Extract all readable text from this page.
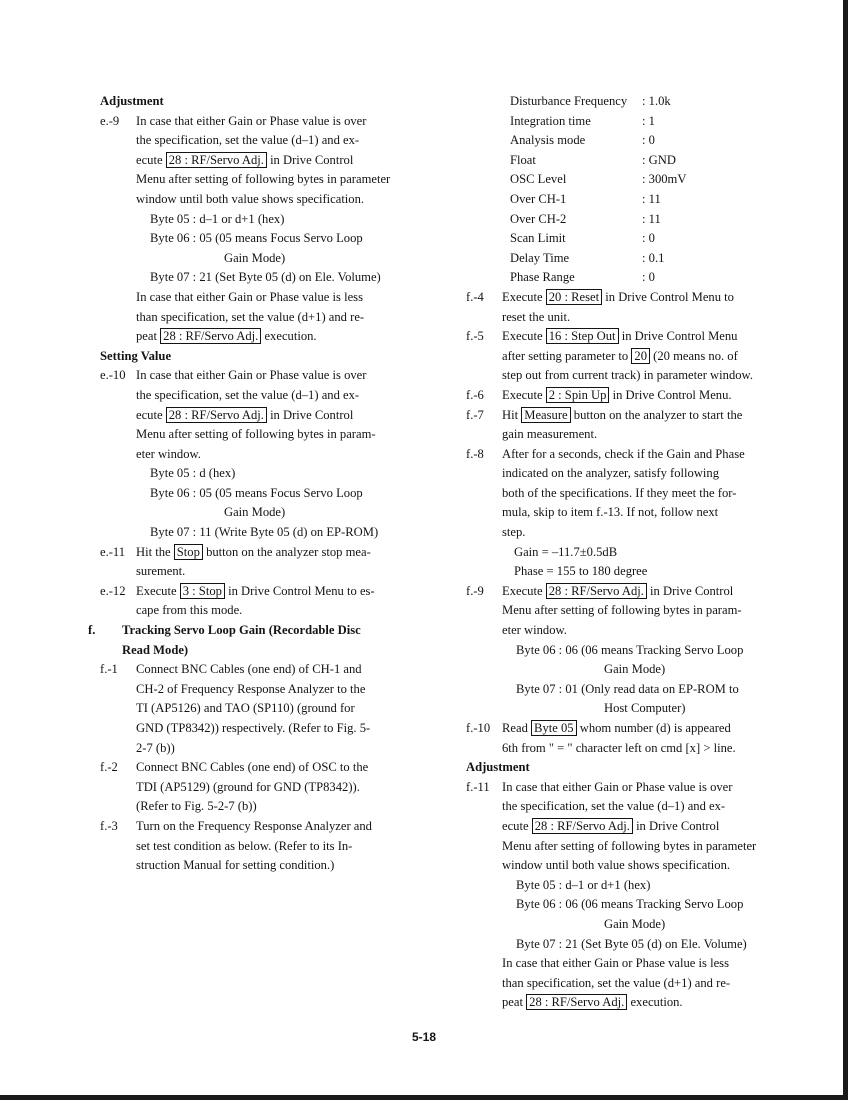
Adjustment
e.-9 In case that either Gain or Phase value is over
the specification, set the value (d–1) and ex-
ecute 28 : RF/Servo Adj. in Drive Control
Menu after setting of following bytes in parameter
window until both value shows specification.
Byte 05 : d–1 or d+1 (hex)
Byte 06 : 05 (05 means Focus Servo Loop
Gain Mode)
Byte 07 : 21 (Set Byte 05 (d) on Ele. Volume)
In case that either Gain or Phase value is less
than specification, set the value (d+1) and re-
peat 28 : RF/Servo Adj. execution.
Setting Value
e.-10 In case that either Gain or Phase value is over
the specification, set the value (d–1) and ex-
ecute 28 : RF/Servo Adj. in Drive Control
Menu after setting of following bytes in param-
eter window.
Byte 05 : d (hex)
Byte 06 : 05 (05 means Focus Servo Loop
Gain Mode)
Byte 07 : 11 (Write Byte 05 (d) on EP-ROM)
e.-11 Hit the Stop button on the analyzer stop mea-
surement.
e.-12 Execute 3 : Stop in Drive Control Menu to es-
cape from this mode.
f. Tracking Servo Loop Gain (Recordable Disc
Read Mode)
f.-1 Connect BNC Cables (one end) of CH-1 and
CH-2 of Frequency Response Analyzer to the
TI (AP5126) and TAO (SP110) (ground for
GND (TP8342)) respectively. (Refer to Fig. 5-
2-7 (b))
f.-2 Connect BNC Cables (one end) of OSC to the
TDI (AP5129) (ground for GND (TP8342)).
(Refer to Fig. 5-2-7 (b))
f.-3 Turn on the Frequency Response Analyzer and
set test condition as below. (Refer to its In-
struction Manual for setting condition.)
Disturbance Frequency	: 1.0k
Integration time	: 1
Analysis mode	: 0
Float	: GND
OSC Level	: 300mV
Over CH-1	: 11
Over CH-2	: 11
Scan Limit	: 0
Delay Time	: 0.1
Phase Range	: 0
f.-4 Execute 20 : Reset in Drive Control Menu to
reset the unit.
f.-5 Execute 16 : Step Out in Drive Control Menu
after setting parameter to 20 (20 means no. of
step out from current track) in parameter window.
f.-6 Execute 2 : Spin Up in Drive Control Menu.
f.-7 Hit Measure button on the analyzer to start the
gain measurement.
f.-8 After for a seconds, check if the Gain and Phase
indicated on the analyzer, satisfy following
both of the specifications. If they meet the for-
mula, skip to item f.-13. If not, follow next
step.
Gain = –11.7±0.5dB
Phase = 155 to 180 degree
f.-9 Execute 28 : RF/Servo Adj. in Drive Control
Menu after setting of following bytes in param-
eter window.
Byte 06 : 06 (06 means Tracking Servo Loop
Gain Mode)
Byte 07 : 01 (Only read data on EP-ROM to
Host Computer)
f.-10 Read Byte 05 whom number (d) is appeared
6th from " = " character left on cmd [x] > line.
Adjustment
f.-11 In case that either Gain or Phase value is over
the specification, set the value (d–1) and ex-
ecute 28 : RF/Servo Adj. in Drive Control
Menu after setting of following bytes in parameter
window until both value shows specification.
Byte 05 : d–1 or d+1 (hex)
Byte 06 : 06 (06 means Tracking Servo Loop
Gain Mode)
Byte 07 : 21 (Set Byte 05 (d) on Ele. Volume)
In case that either Gain or Phase value is less
than specification, set the value (d+1) and re-
peat 28 : RF/Servo Adj. execution.
5-18
